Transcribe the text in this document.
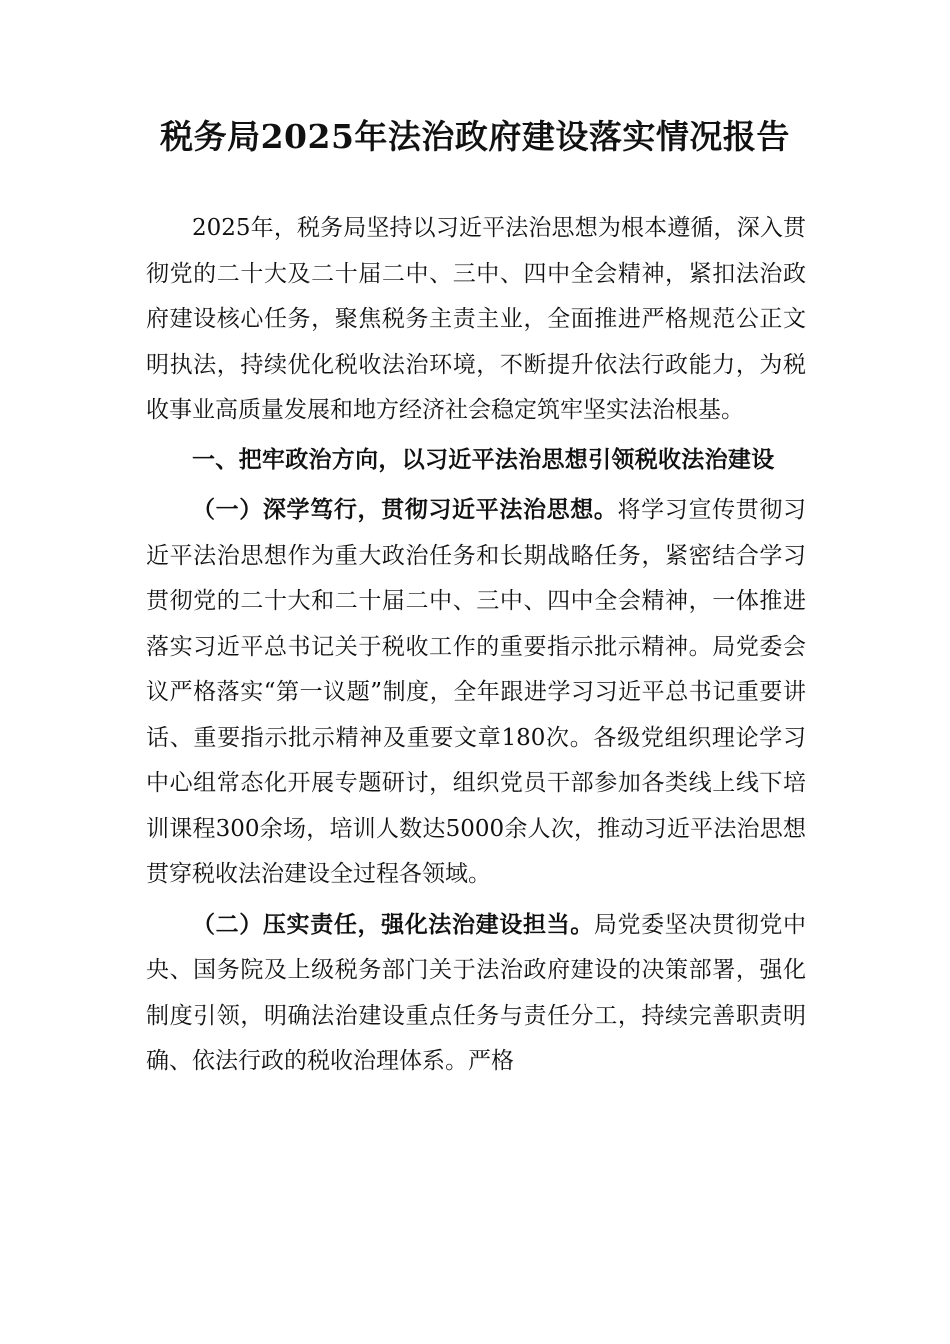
税务局2025年法治政府建设落实情况报告

2025年，税务局坚持以习近平法治思想为根本遵循，深入贯彻党的二十大及二十届二中、三中、四中全会精神，紧扣法治政府建设核心任务，聚焦税务主责主业，全面推进严格规范公正文明执法，持续优化税收法治环境，不断提升依法行政能力，为税收事业高质量发展和地方经济社会稳定筑牢坚实法治根基。

一、把牢政治方向，以习近平法治思想引领税收法治建设

（一）深学笃行，贯彻习近平法治思想。将学习宣传贯彻习近平法治思想作为重大政治任务和长期战略任务，紧密结合学习贯彻党的二十大和二十届二中、三中、四中全会精神，一体推进落实习近平总书记关于税收工作的重要指示批示精神。局党委会议严格落实“第一议题”制度，全年跟进学习习近平总书记重要讲话、重要指示批示精神及重要文章180次。各级党组织理论学习中心组常态化开展专题研讨，组织党员干部参加各类线上线下培训课程300余场，培训人数达5000余人次，推动习近平法治思想贯穿税收法治建设全过程各领域。

（二）压实责任，强化法治建设担当。局党委坚决贯彻党中央、国务院及上级税务部门关于法治政府建设的决策部署，强化制度引领，明确法治建设重点任务与责任分工，持续完善职责明确、依法行政的税收治理体系。严格
